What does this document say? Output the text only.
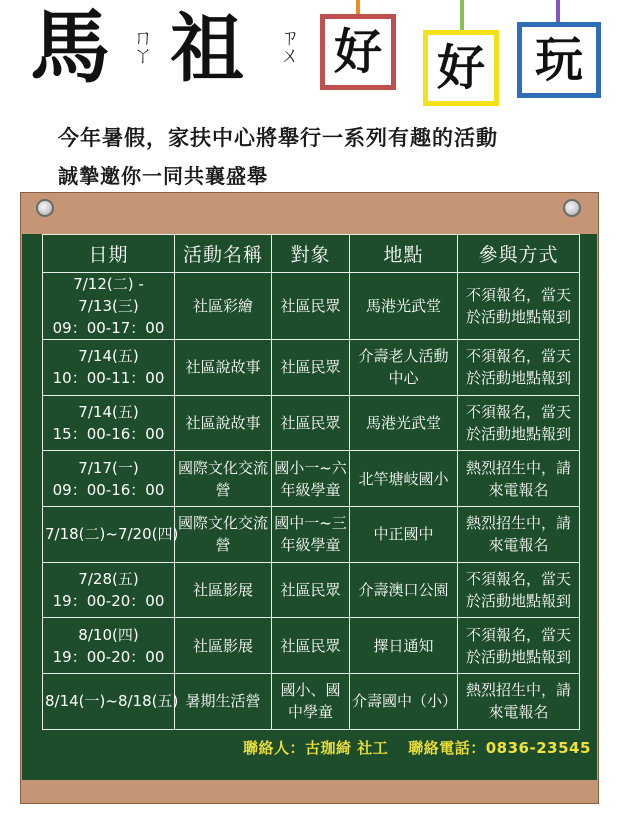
馬 ㄇㄚ 祖 ㄗㄨ 好 好	玩
今年暑假，家扶中心將舉行一系列有趣的活動
誠摯邀你一同共襄盛舉
日期	活動名稱	對象	地點	參與方式

7/12(二) - 7/13(三)
09：00-17：00	社區彩繪	社區民眾	馬港光武堂	不須報名，當天於活動地點報到

7/14(五)
10：00-11：00	社區說故事	社區民眾	介壽老人活動中心	不須報名，當天於活動地點報到

7/14(五)
15：00-16：00	社區說故事	社區民眾	馬港光武堂	不須報名，當天於活動地點報到

7/17(一)
09：00-16：00	國際文化交流營	國小一~六年級學童	北竿塘岐國小	熱烈招生中，請來電報名

7/18(二)~7/20(四)	國際文化交流營	國中一~三年級學童	中正國中	熱烈招生中，請來電報名

7/28(五)
19：00-20：00	社區影展	社區民眾	介壽澳口公園	不須報名，當天於活動地點報到

8/10(四)
19：00-20：00	社區影展	社區民眾	擇日通知	不須報名，當天於活動地點報到

8/14(一)~8/18(五)	暑期生活營	國小、國中學童	介壽國中（小）	熱烈招生中，請來電報名
聯絡人：古珈綺 社工 聯絡電話：0836-23545
